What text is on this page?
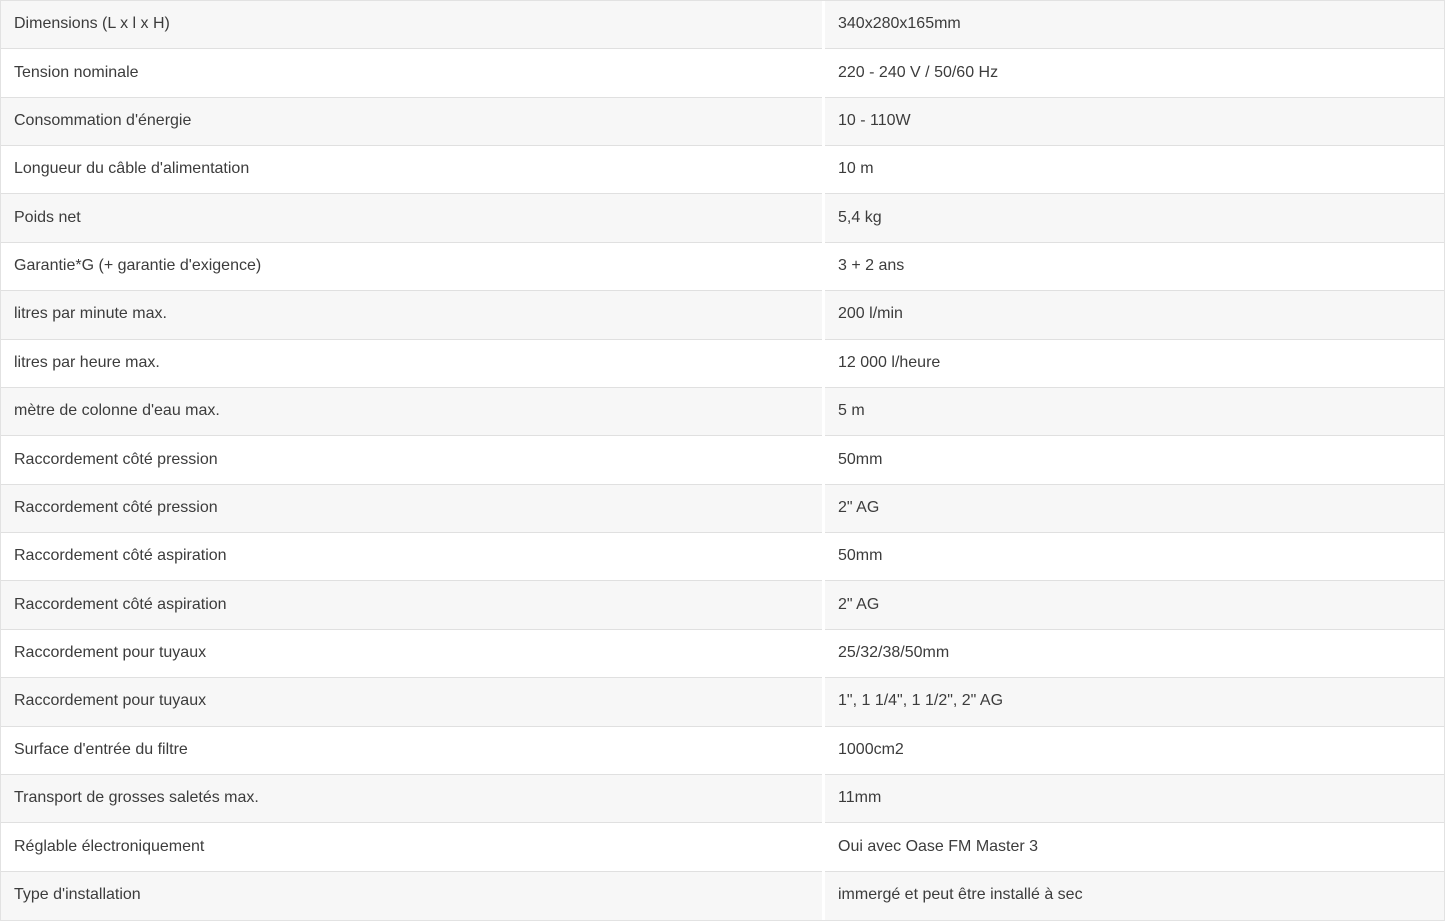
Dimensions (L x l x H)	340x280x165mm
Tension nominale	220 - 240 V / 50/60 Hz
Consommation d'énergie	10 - 110W
Longueur du câble d'alimentation	10 m
Poids net	5,4 kg
Garantie*G (+ garantie d'exigence)	3 + 2 ans
litres par minute max.	200 l/min
litres par heure max.	12 000 l/heure
mètre de colonne d'eau max.	5 m
Raccordement côté pression	50mm
Raccordement côté pression	2" AG
Raccordement côté aspiration	50mm
Raccordement côté aspiration	2" AG
Raccordement pour tuyaux	25/32/38/50mm
Raccordement pour tuyaux	1", 1 1/4", 1 1/2", 2" AG
Surface d'entrée du filtre	1000cm2
Transport de grosses saletés max.	11mm
Réglable électroniquement	Oui avec Oase FM Master 3
Type d'installation	immergé et peut être installé à sec
